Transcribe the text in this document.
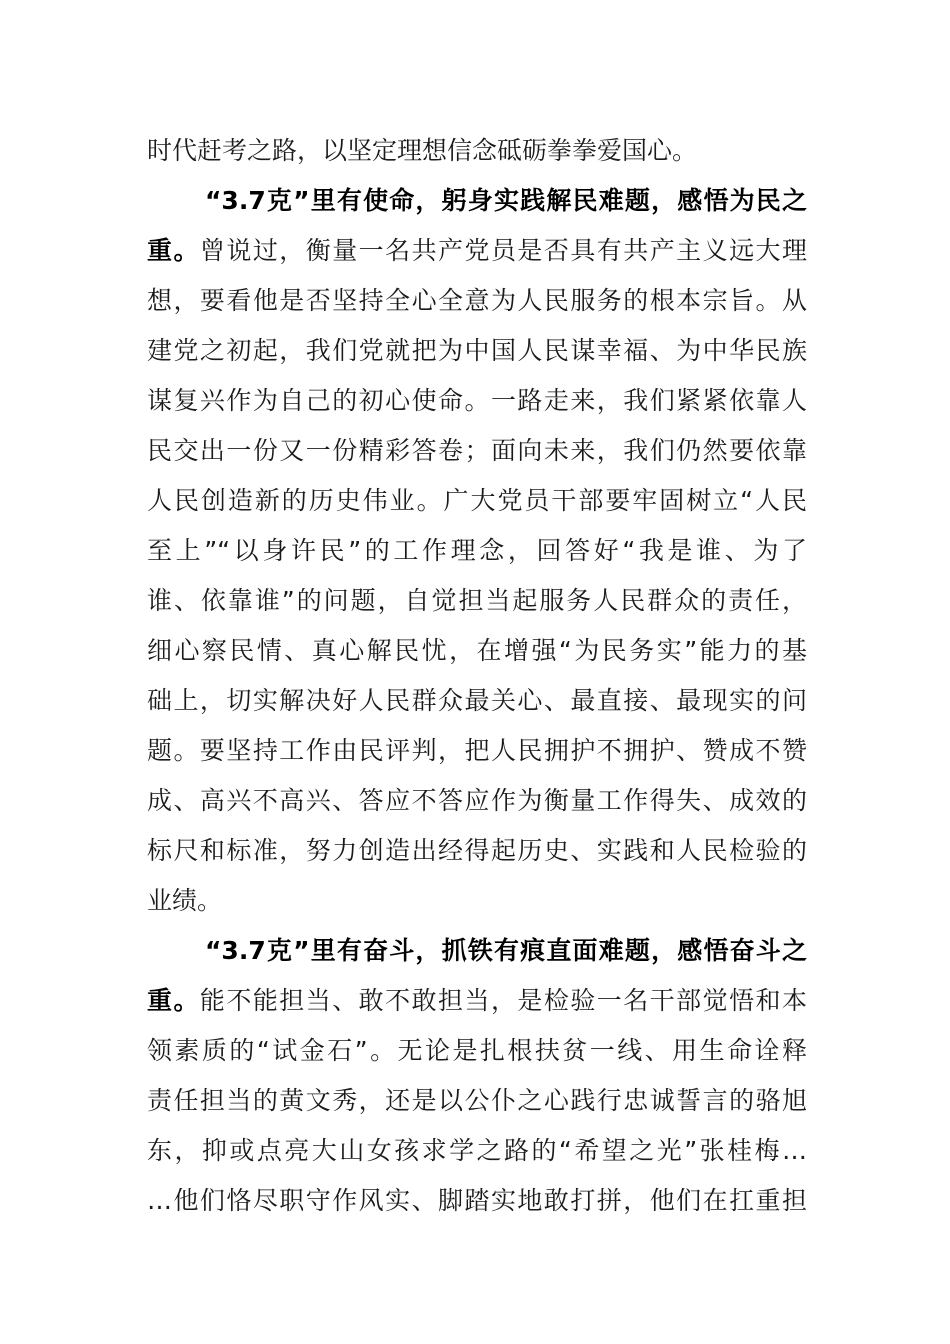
时代赶考之路，以坚定理想信念砥砺拳拳爱国心。
“3.7克”里有使命，躬身实践解民难题，感悟为民之
重。曾说过，衡量一名共产党员是否具有共产主义远大理
想，要看他是否坚持全心全意为人民服务的根本宗旨。从
建党之初起，我们党就把为中国人民谋幸福、为中华民族
谋复兴作为自己的初心使命。一路走来，我们紧紧依靠人
民交出一份又一份精彩答卷；面向未来，我们仍然要依靠
人民创造新的历史伟业。广大党员干部要牢固树立“人民
至上”“以身许民”的工作理念，回答好“我是谁、为了
谁、依靠谁”的问题，自觉担当起服务人民群众的责任，
细心察民情、真心解民忧，在增强“为民务实”能力的基
础上，切实解决好人民群众最关心、最直接、最现实的问
题。要坚持工作由民评判，把人民拥护不拥护、赞成不赞
成、高兴不高兴、答应不答应作为衡量工作得失、成效的
标尺和标准，努力创造出经得起历史、实践和人民检验的
业绩。
“3.7克”里有奋斗，抓铁有痕直面难题，感悟奋斗之
重。能不能担当、敢不敢担当，是检验一名干部觉悟和本
领素质的“试金石”。无论是扎根扶贫一线、用生命诠释
责任担当的黄文秀，还是以公仆之心践行忠诚誓言的骆旭
东，抑或点亮大山女孩求学之路的“希望之光”张桂梅…
…他们恪尽职守作风实、脚踏实地敢打拼，他们在扛重担
